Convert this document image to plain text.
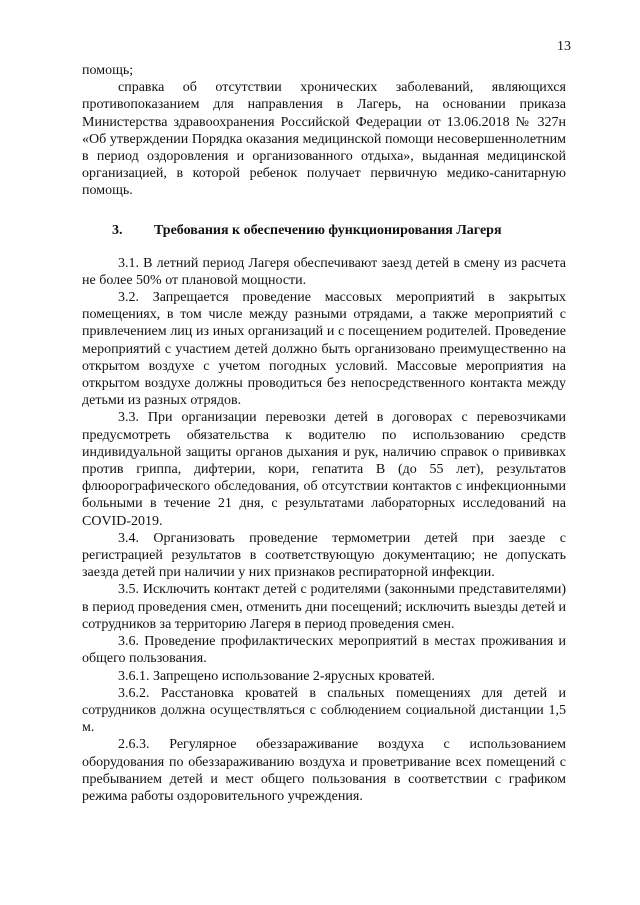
13

помощь;

справка об отсутствии хронических заболеваний, являющихся противопоказанием для направления в Лагерь, на основании приказа Министерства здравоохранения Российской Федерации от 13.06.2018 № 327н «Об утверждении Порядка оказания медицинской помощи несовершеннолетним в период оздоровления и организованного отдыха», выданная медицинской организацией, в которой ребенок получает первичную медико-санитарную помощь.

3.	Требования к обеспечению функционирования Лагеря

3.1. В летний период Лагеря обеспечивают заезд детей в смену из расчета не более 50% от плановой мощности.

3.2. Запрещается проведение массовых мероприятий в закрытых помещениях, в том числе между разными отрядами, а также мероприятий с привлечением лиц из иных организаций и с посещением родителей. Проведение мероприятий с участием детей должно быть организовано преимущественно на открытом воздухе с учетом погодных условий. Массовые мероприятия на открытом воздухе должны проводиться без непосредственного контакта между детьми из разных отрядов.

3.3. При организации перевозки детей в договорах с перевозчиками предусмотреть обязательства к водителю по использованию средств индивидуальной защиты органов дыхания и рук, наличию справок о прививках против гриппа, дифтерии, кори, гепатита В (до 55 лет), результатов флюорографического обследования, об отсутствии контактов с инфекционными больными в течение 21 дня, с результатами лабораторных исследований на COVID-2019.

3.4. Организовать проведение термометрии детей при заезде с регистрацией результатов в соответствующую документацию; не допускать заезда детей при наличии у них признаков респираторной инфекции.

3.5. Исключить контакт детей с родителями (законными представителями) в период проведения смен, отменить дни посещений; исключить выезды детей и сотрудников за территорию Лагеря в период проведения смен.

3.6. Проведение профилактических мероприятий в местах проживания и общего пользования.

3.6.1. Запрещено использование 2-ярусных кроватей.

3.6.2. Расстановка кроватей в спальных помещениях для детей и сотрудников должна осуществляться с соблюдением социальной дистанции 1,5 м.

2.6.3. Регулярное обеззараживание воздуха с использованием оборудования по обеззараживанию воздуха и проветривание всех помещений с пребыванием детей и мест общего пользования в соответствии с графиком режима работы оздоровительного учреждения.
